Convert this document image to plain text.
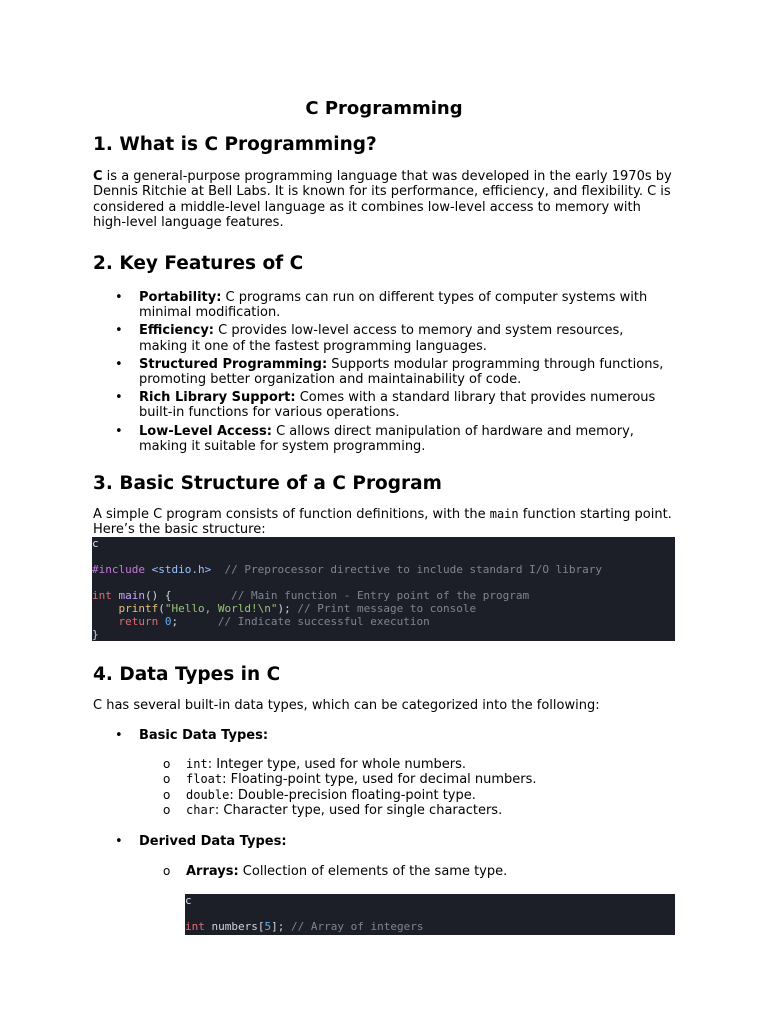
C Programming
1. What is C Programming?

C is a general-purpose programming language that was developed in the early 1970s by Dennis Ritchie at Bell Labs. It is known for its performance, efficiency, and flexibility. C is considered a middle-level language as it combines low-level access to memory with high-level language features.

2. Key Features of C
• Portability: C programs can run on different types of computer systems with minimal modification.
• Efficiency: C provides low-level access to memory and system resources, making it one of the fastest programming languages.
• Structured Programming: Supports modular programming through functions, promoting better organization and maintainability of code.
• Rich Library Support: Comes with a standard library that provides numerous built-in functions for various operations.
• Low-Level Access: C allows direct manipulation of hardware and memory, making it suitable for system programming.
3. Basic Structure of a C Program

A simple C program consists of function definitions, with the main function starting point. Here’s the basic structure:

c

#include <stdio.h> // Preprocessor directive to include standard I/O library

int main() {	// Main function - Entry point of the program
printf("Hello, World!\n"); // Print message to console
return 0;	// Indicate successful execution
}
4. Data Types in C

C has several built-in data types, which can be categorized into the following:

• Basic Data Types:
o int: Integer type, used for whole numbers.
o float: Floating-point type, used for decimal numbers.
o double: Double-precision floating-point type.
o char: Character type, used for single characters.
• Derived Data Types:
o Arrays: Collection of elements of the same type.
c

int numbers[5]; // Array of integers
